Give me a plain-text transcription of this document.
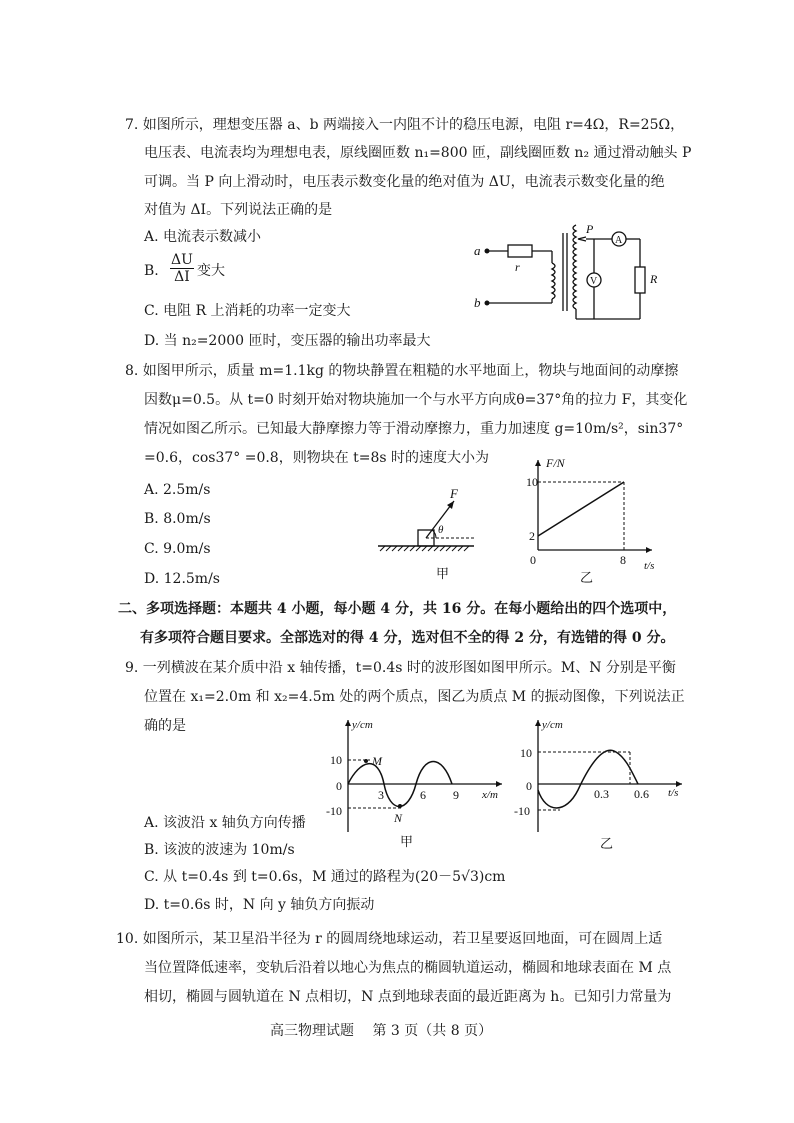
7. 如图所示，理想变压器 a、b 两端接入一内阻不计的稳压电源，电阻 r=4Ω，R=25Ω，
电压表、电流表均为理想电表，原线圈匝数 n₁=800 匝，副线圈匝数 n₂ 通过滑动触头 P
可调。当 P 向上滑动时，电压表示数变化量的绝对值为 ΔU，电流表示数变化量的绝
对值为 ΔI。下列说法正确的是
A. 电流表示数减小
B. $\frac{\Delta U}{\Delta I}$ 变大
C. 电阻 R 上消耗的功率一定变大
D. 当 n₂=2000 匝时，变压器的输出功率最大
a
b
r
P
A
R
V
8. 如图甲所示，质量 m=1.1kg 的物块静置在粗糙的水平地面上，物块与地面间的动摩擦
因数μ=0.5。从 t=0 时刻开始对物块施加一个与水平方向成θ=37°角的拉力 F，其变化
情况如图乙所示。已知最大静摩擦力等于滑动摩擦力，重力加速度 g=10m/s²，sin37°
=0.6，cos37° =0.8，则物块在 t=8s 时的速度大小为
A. 2.5m/s
B. 8.0m/s
C. 9.0m/s
D. 12.5m/s
F
θ
甲
F/N
t/s
10
2
0	8
乙
二、多项选择题：本题共 4 小题，每小题 4 分，共 16 分。在每小题给出的四个选项中，
有多项符合题目要求。全部选对的得 4 分，选对但不全的得 2 分，有选错的得 0 分。
9. 一列横波在某介质中沿 x 轴传播，t=0.4s 时的波形图如图甲所示。M、N 分别是平衡
位置在 x₁=2.0m 和 x₂=4.5m 处的两个质点，图乙为质点 M 的振动图像，下列说法正
确的是
A. 该波沿 x 轴负方向传播
B. 该波的波速为 10m/s
C. 从 t=0.4s 到 t=0.6s，M 通过的路程为(20－5√3)cm
D. t=0.6s 时，N 向 y 轴负方向振动
y/cm
x/m
10
-10
0
3	6 9
M
N
甲
y/cm
t/s
10
-10
0
0.3 0.6
乙
10. 如图所示，某卫星沿半径为 r 的圆周绕地球运动，若卫星要返回地面，可在圆周上适
当位置降低速率，变轨后沿着以地心为焦点的椭圆轨道运动，椭圆和地球表面在 M 点
相切，椭圆与圆轨道在 N 点相切，N 点到地球表面的最近距离为 h。已知引力常量为
高三物理试题　 第 3 页（共 8 页）
